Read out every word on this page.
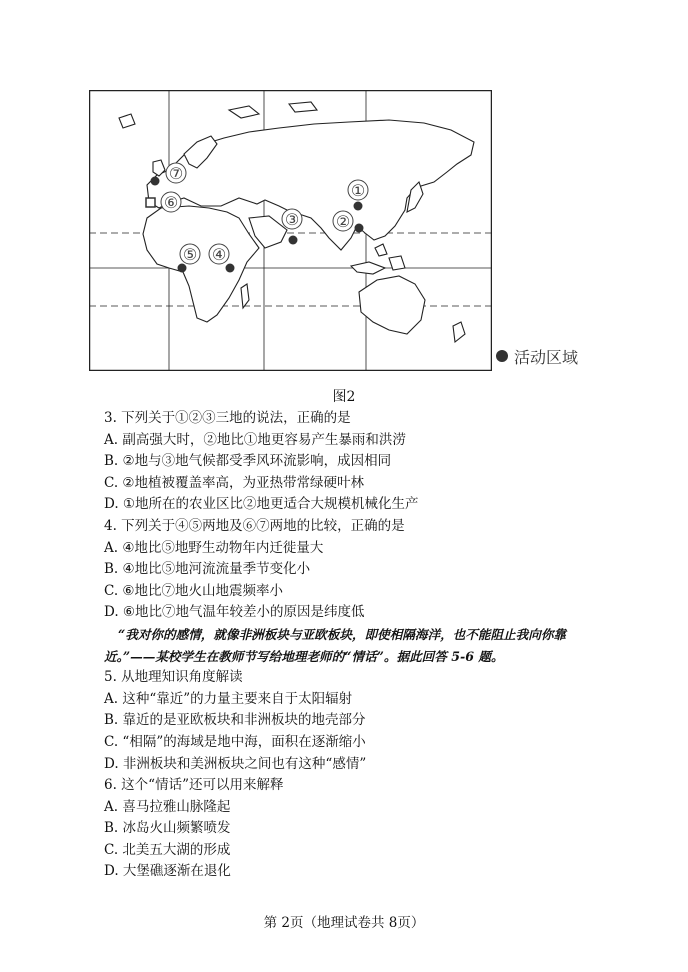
①
②
③
④
⑤
⑥
⑦
活动区域
图2
3. 下列关于①②③三地的说法，正确的是
A. 副高强大时，②地比①地更容易产生暴雨和洪涝
B. ②地与③地气候都受季风环流影响，成因相同
C. ②地植被覆盖率高，为亚热带常绿硬叶林
D. ①地所在的农业区比②地更适合大规模机械化生产
4. 下列关于④⑤两地及⑥⑦两地的比较，正确的是
A. ④地比⑤地野生动物年内迁徙量大
B. ④地比⑤地河流流量季节变化小
C. ⑥地比⑦地火山地震频率小
D. ⑥地比⑦地气温年较差小的原因是纬度低
“我对你的感情，就像非洲板块与亚欧板块，即使相隔海洋，也不能阻止我向你靠
近。”——某校学生在教师节写给地理老师的“情话”。据此回答 5-6 题。
5. 从地理知识角度解读
A. 这种“靠近”的力量主要来自于太阳辐射
B. 靠近的是亚欧板块和非洲板块的地壳部分
C. “相隔”的海域是地中海，面积在逐渐缩小
D. 非洲板块和美洲板块之间也有这种“感情”
6. 这个“情话”还可以用来解释
A. 喜马拉雅山脉隆起
B. 冰岛火山频繁喷发
C. 北美五大湖的形成
D. 大堡礁逐渐在退化
第 2页（地理试卷共 8页）
